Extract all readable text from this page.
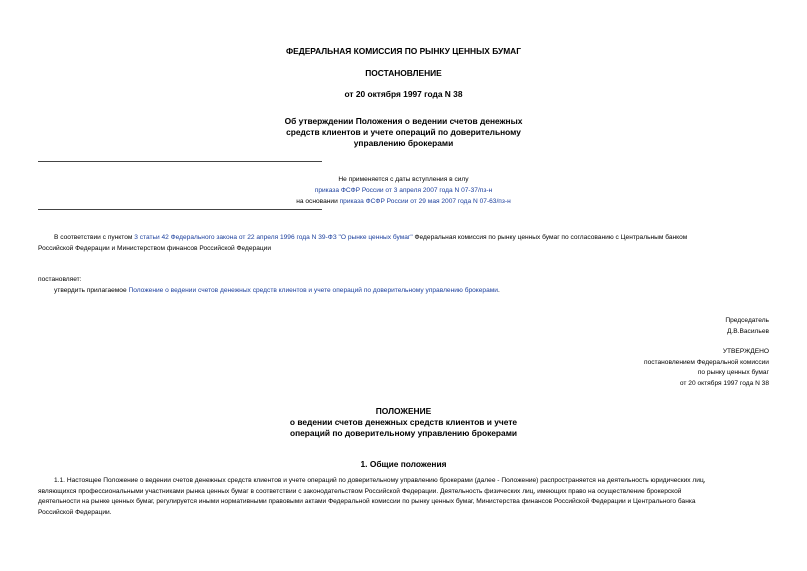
ФЕДЕРАЛЬНАЯ КОМИССИЯ ПО РЫНКУ ЦЕННЫХ БУМАГ
ПОСТАНОВЛЕНИЕ
от 20 октября 1997 года N 38

Об утверждении Положения о ведении счетов денежных

средств клиентов и учете операций по доверительному

управлению брокерами

Не применяется с даты вступления в силу

приказа ФСФР России от 3 апреля 2007 года N 07-37/пз-н

на основании приказа ФСФР России от 29 мая 2007 года N 07-63/пз-н

В соответствии с пунктом 3 статьи 42 Федерального закона от 22 апреля 1996 года N 39-ФЗ "О рынке ценных бумаг" Федеральная комиссия по рынку ценных бумаг по согласованию с Центральным банком

Российской Федерации и Министерством финансов Российской Федерации

постановляет:

утвердить прилагаемое Положение о ведении счетов денежных средств клиентов и учете операций по доверительному управлению брокерами.

Председатель

Д.В.Васильев

УТВЕРЖДЕНО

постановлением Федеральной комиссии

по рынку ценных бумаг

от 20 октября 1997 года N 38

ПОЛОЖЕНИЕ

о ведении счетов денежных средств клиентов и учете

операций по доверительному управлению брокерами

1. Общие положения

1.1. Настоящее Положение о ведении счетов денежных средств клиентов и учете операций по доверительному управлению брокерами (далее - Положение) распространяется на деятельность юридических лиц,

являющихся профессиональными участниками рынка ценных бумаг в соответствии с законодательством Российской Федерации. Деятельность физических лиц, имеющих право на осуществление брокерской

деятельности на рынке ценных бумаг, регулируется иными нормативными правовыми актами Федеральной комиссии по рынку ценных бумаг, Министерства финансов Российской Федерации и Центрального банка

Российской Федерации.
